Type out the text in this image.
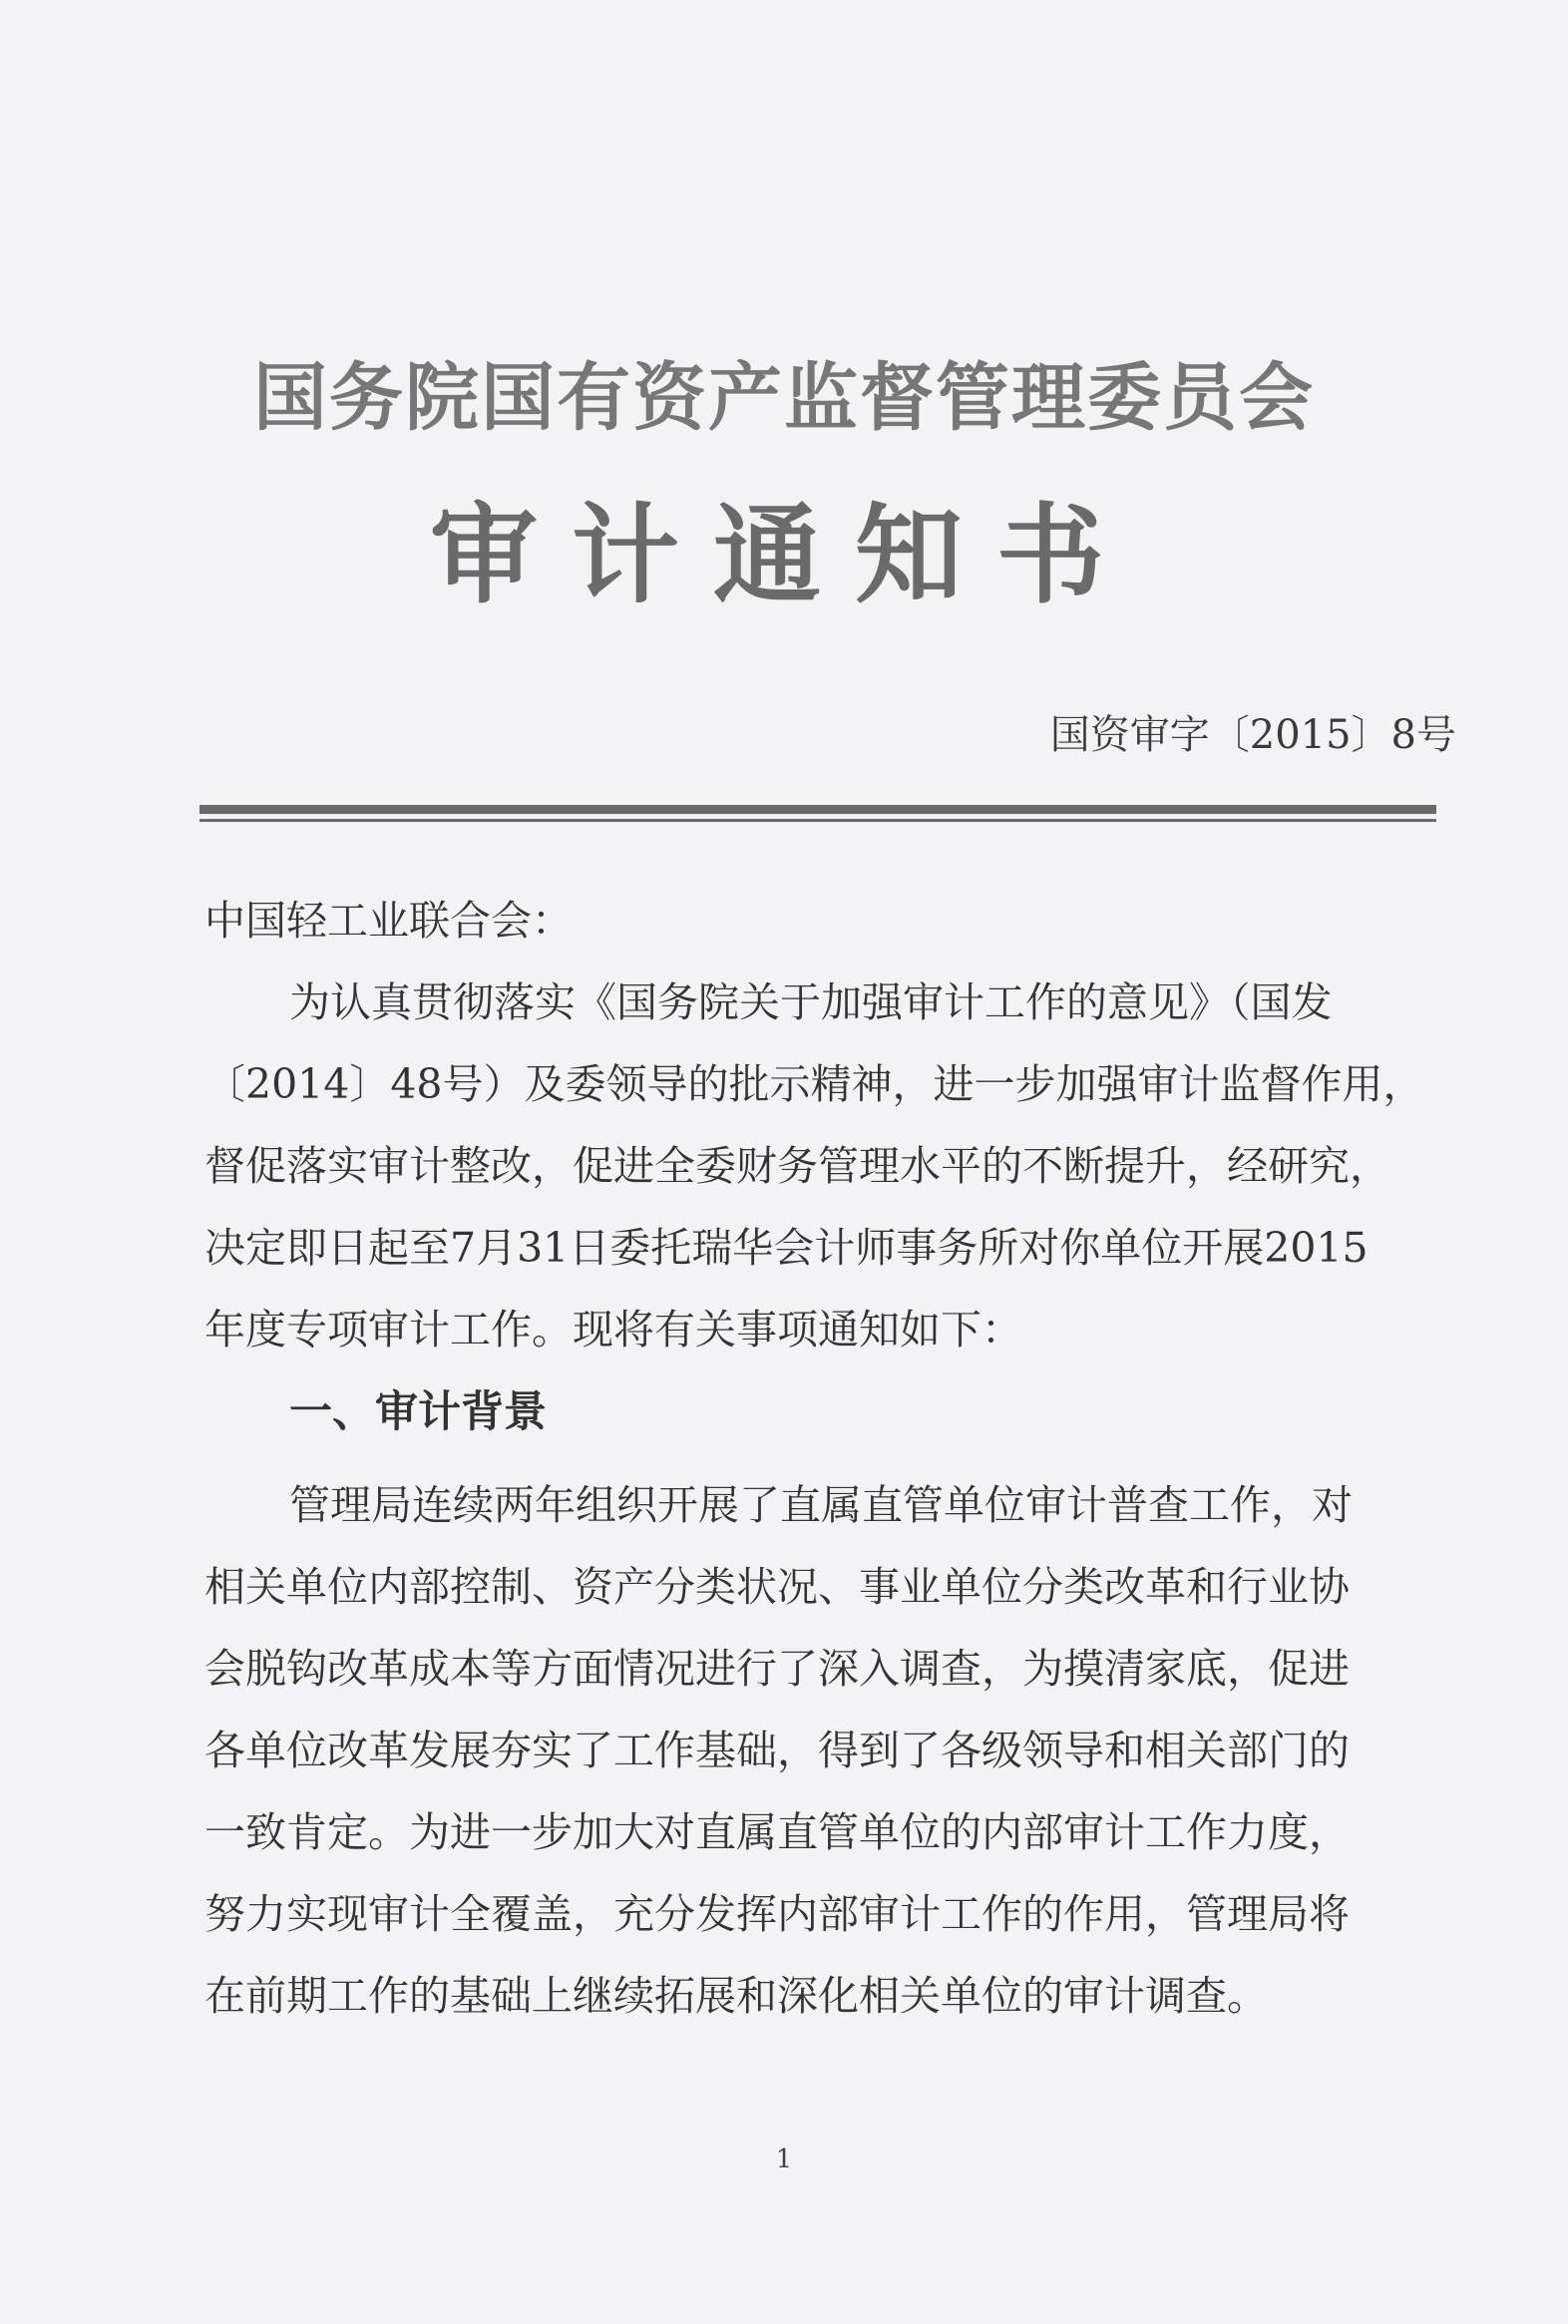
国务院国有资产监督管理委员会
审计通知书
国资审字〔2015〕8号
中国轻工业联合会：
为认真贯彻落实《国务院关于加强审计工作的意见》（国发
〔2014〕48号）及委领导的批示精神，进一步加强审计监督作用，
督促落实审计整改，促进全委财务管理水平的不断提升，经研究，
决定即日起至7月31日委托瑞华会计师事务所对你单位开展2015
年度专项审计工作。现将有关事项通知如下：
一、审计背景
管理局连续两年组织开展了直属直管单位审计普查工作，对
相关单位内部控制、资产分类状况、事业单位分类改革和行业协
会脱钩改革成本等方面情况进行了深入调查，为摸清家底，促进
各单位改革发展夯实了工作基础，得到了各级领导和相关部门的
一致肯定。为进一步加大对直属直管单位的内部审计工作力度，
努力实现审计全覆盖，充分发挥内部审计工作的作用，管理局将
在前期工作的基础上继续拓展和深化相关单位的审计调查。
1
